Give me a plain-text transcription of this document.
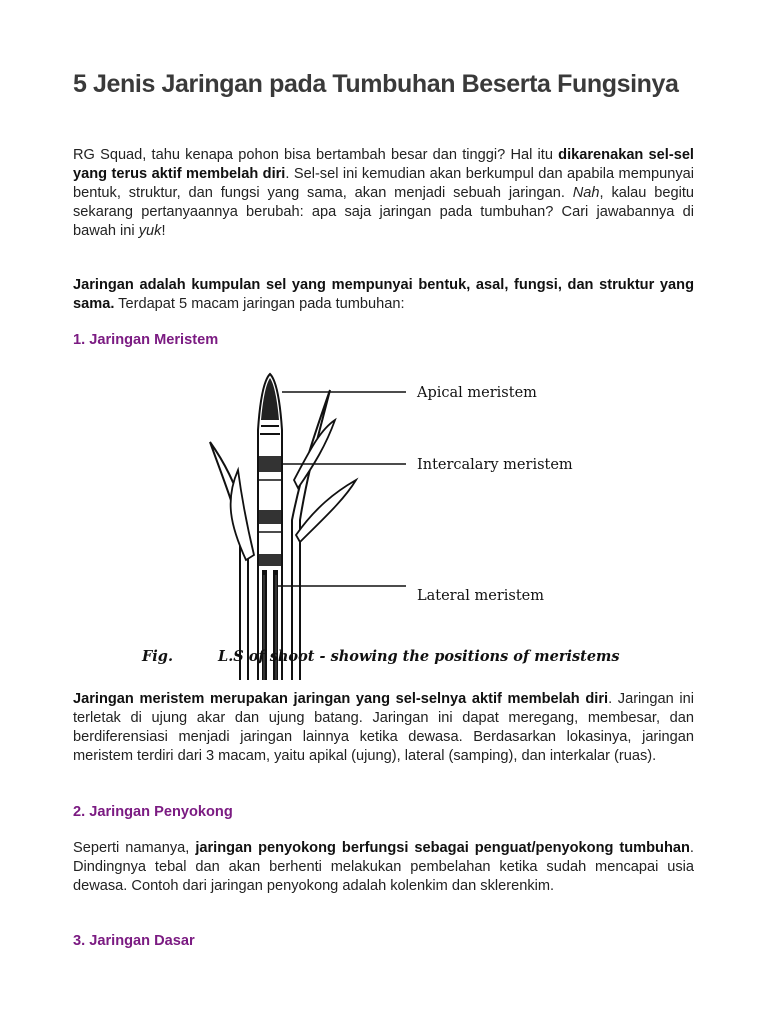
5 Jenis Jaringan pada Tumbuhan Beserta Fungsinya

RG Squad, tahu kenapa pohon bisa bertambah besar dan tinggi? Hal itu dikarenakan sel-sel yang terus aktif membelah diri. Sel-sel ini kemudian akan berkumpul dan apabila mempunyai bentuk, struktur, dan fungsi yang sama, akan menjadi sebuah jaringan. Nah, kalau begitu sekarang pertanyaannya berubah: apa saja jaringan pada tumbuhan? Cari jawabannya di bawah ini yuk!

Jaringan adalah kumpulan sel yang mempunyai bentuk, asal, fungsi, dan struktur yang sama. Terdapat 5 macam jaringan pada tumbuhan:

1. Jaringan Meristem

Apical meristem
Intercalary meristem
Lateral meristem
Fig.	L.S of shoot - showing the positions of meristems

Jaringan meristem merupakan jaringan yang sel-selnya aktif membelah diri. Jaringan ini terletak di ujung akar dan ujung batang. Jaringan ini dapat meregang, membesar, dan berdiferensiasi menjadi jaringan lainnya ketika dewasa. Berdasarkan lokasinya, jaringan meristem terdiri dari 3 macam, yaitu apikal (ujung), lateral (samping), dan interkalar (ruas).

2. Jaringan Penyokong

Seperti namanya, jaringan penyokong berfungsi sebagai penguat/penyokong tumbuhan. Dindingnya tebal dan akan berhenti melakukan pembelahan ketika sudah mencapai usia dewasa. Contoh dari jaringan penyokong adalah kolenkim dan sklerenkim.

3. Jaringan Dasar
